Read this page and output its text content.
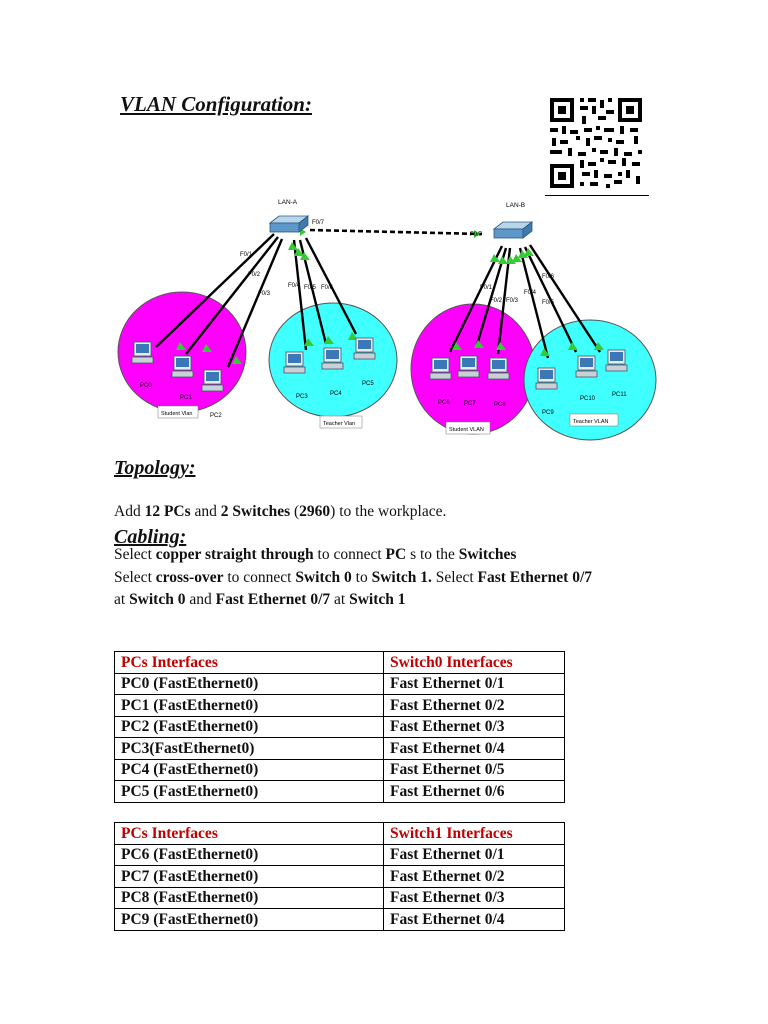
VLAN Configuration:
LAN-A	LAN-B
F0/7
F0/7
F0/1
F0/2
F0/3
F0/4 F0/5 F0/6	F0/1
F0/2 F0/3
F0/4
F0/5
F0/6
PC0
PC1
PC2
PC3	PC4
PC5
PC6 PC7	PC8
PC9
PC10
PC11
Student Vlan
Teacher Vlan
Student VLAN
Teacher VLAN
Topology:

Add 12 PCs and 2 Switches (2960) to the workplace.

Cabling:

Select copper straight through to connect PC s to the Switches

Select cross-over to connect Switch 0 to Switch 1. Select Fast Ethernet 0/7

at Switch 0 and Fast Ethernet 0/7 at Switch 1

PCs Interfaces	Switch0 Interfaces
PC0 (FastEthernet0)	Fast Ethernet 0/1
PC1 (FastEthernet0)	Fast Ethernet 0/2
PC2 (FastEthernet0)	Fast Ethernet 0/3
PC3(FastEthernet0)	Fast Ethernet 0/4
PC4 (FastEthernet0)	Fast Ethernet 0/5
PC5 (FastEthernet0)	Fast Ethernet 0/6
PCs Interfaces	Switch1 Interfaces
PC6 (FastEthernet0)	Fast Ethernet 0/1
PC7 (FastEthernet0)	Fast Ethernet 0/2
PC8 (FastEthernet0)	Fast Ethernet 0/3
PC9 (FastEthernet0)	Fast Ethernet 0/4
